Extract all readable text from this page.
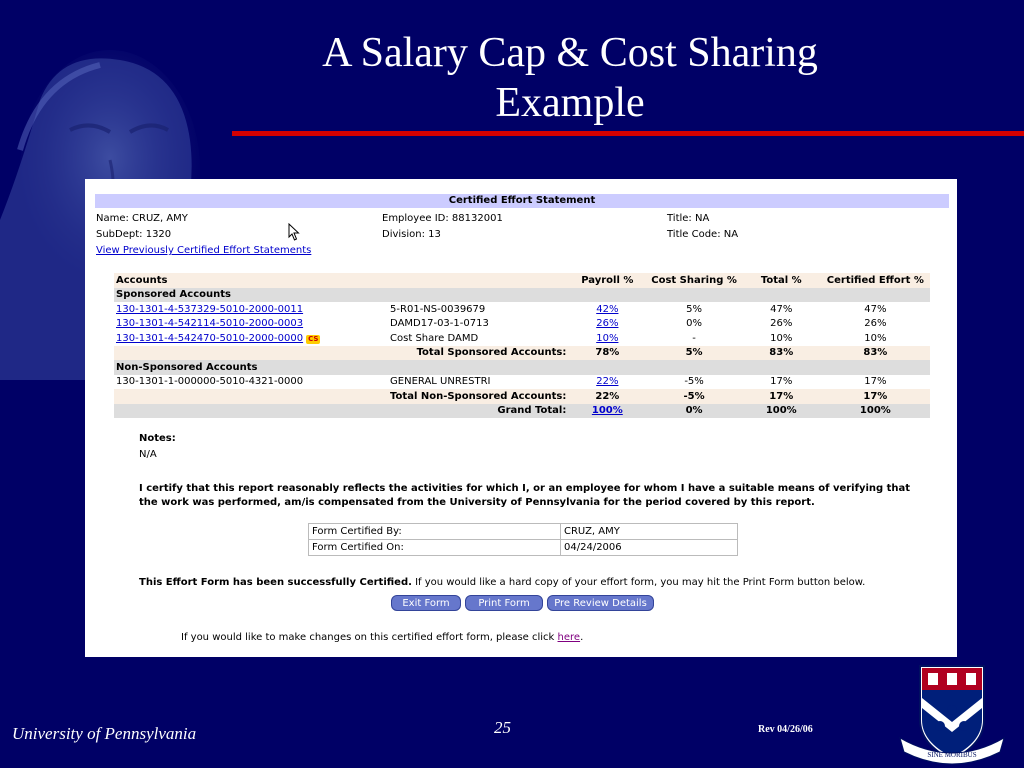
A Salary Cap & Cost Sharing
Example
Certified Effort Statement
Name: CRUZ, AMY	Employee ID: 88132001	Title: NA
SubDept: 1320	Division: 13	Title Code: NA
View Previously Certified Effort Statements
Accounts		Payroll %	Cost Sharing %	Total %	Certified Effort %
Sponsored Accounts					
130-1301-4-537329-5010-2000-0011	5-R01-NS-0039679	42%	5%	47%	47%
130-1301-4-542114-5010-2000-0003	DAMD17-03-1-0713	26%	0%	26%	26%
130-1301-4-542470-5010-2000-0000 CS	Cost Share DAMD	10%	-	10%	10%
	Total Sponsored Accounts:	78%	5%	83%	83%
Non-Sponsored Accounts					
130-1301-1-000000-5010-4321-0000	GENERAL UNRESTRI	22%	-5%	17%	17%
	Total Non-Sponsored Accounts:	22%	-5%	17%	17%
	Grand Total:	100%	0%	100%	100%
Notes:
N/A
I certify that this report reasonably reflects the activities for which I, or an employee for whom I have a suitable means of verifying that the work was performed, am/is compensated from the University of Pennsylvania for the period covered by this report.
Form Certified By:	CRUZ, AMY
Form Certified On:	04/24/2006
This Effort Form has been successfully Certified. If you would like a hard copy of your effort form, you may hit the Print Form button below.
Exit Form	Print Form	Pre Review Details
If you would like to make changes on this certified effort form, please click here.
University of Pennsylvania	25	Rev 04/26/06
SINE MORIBUS
